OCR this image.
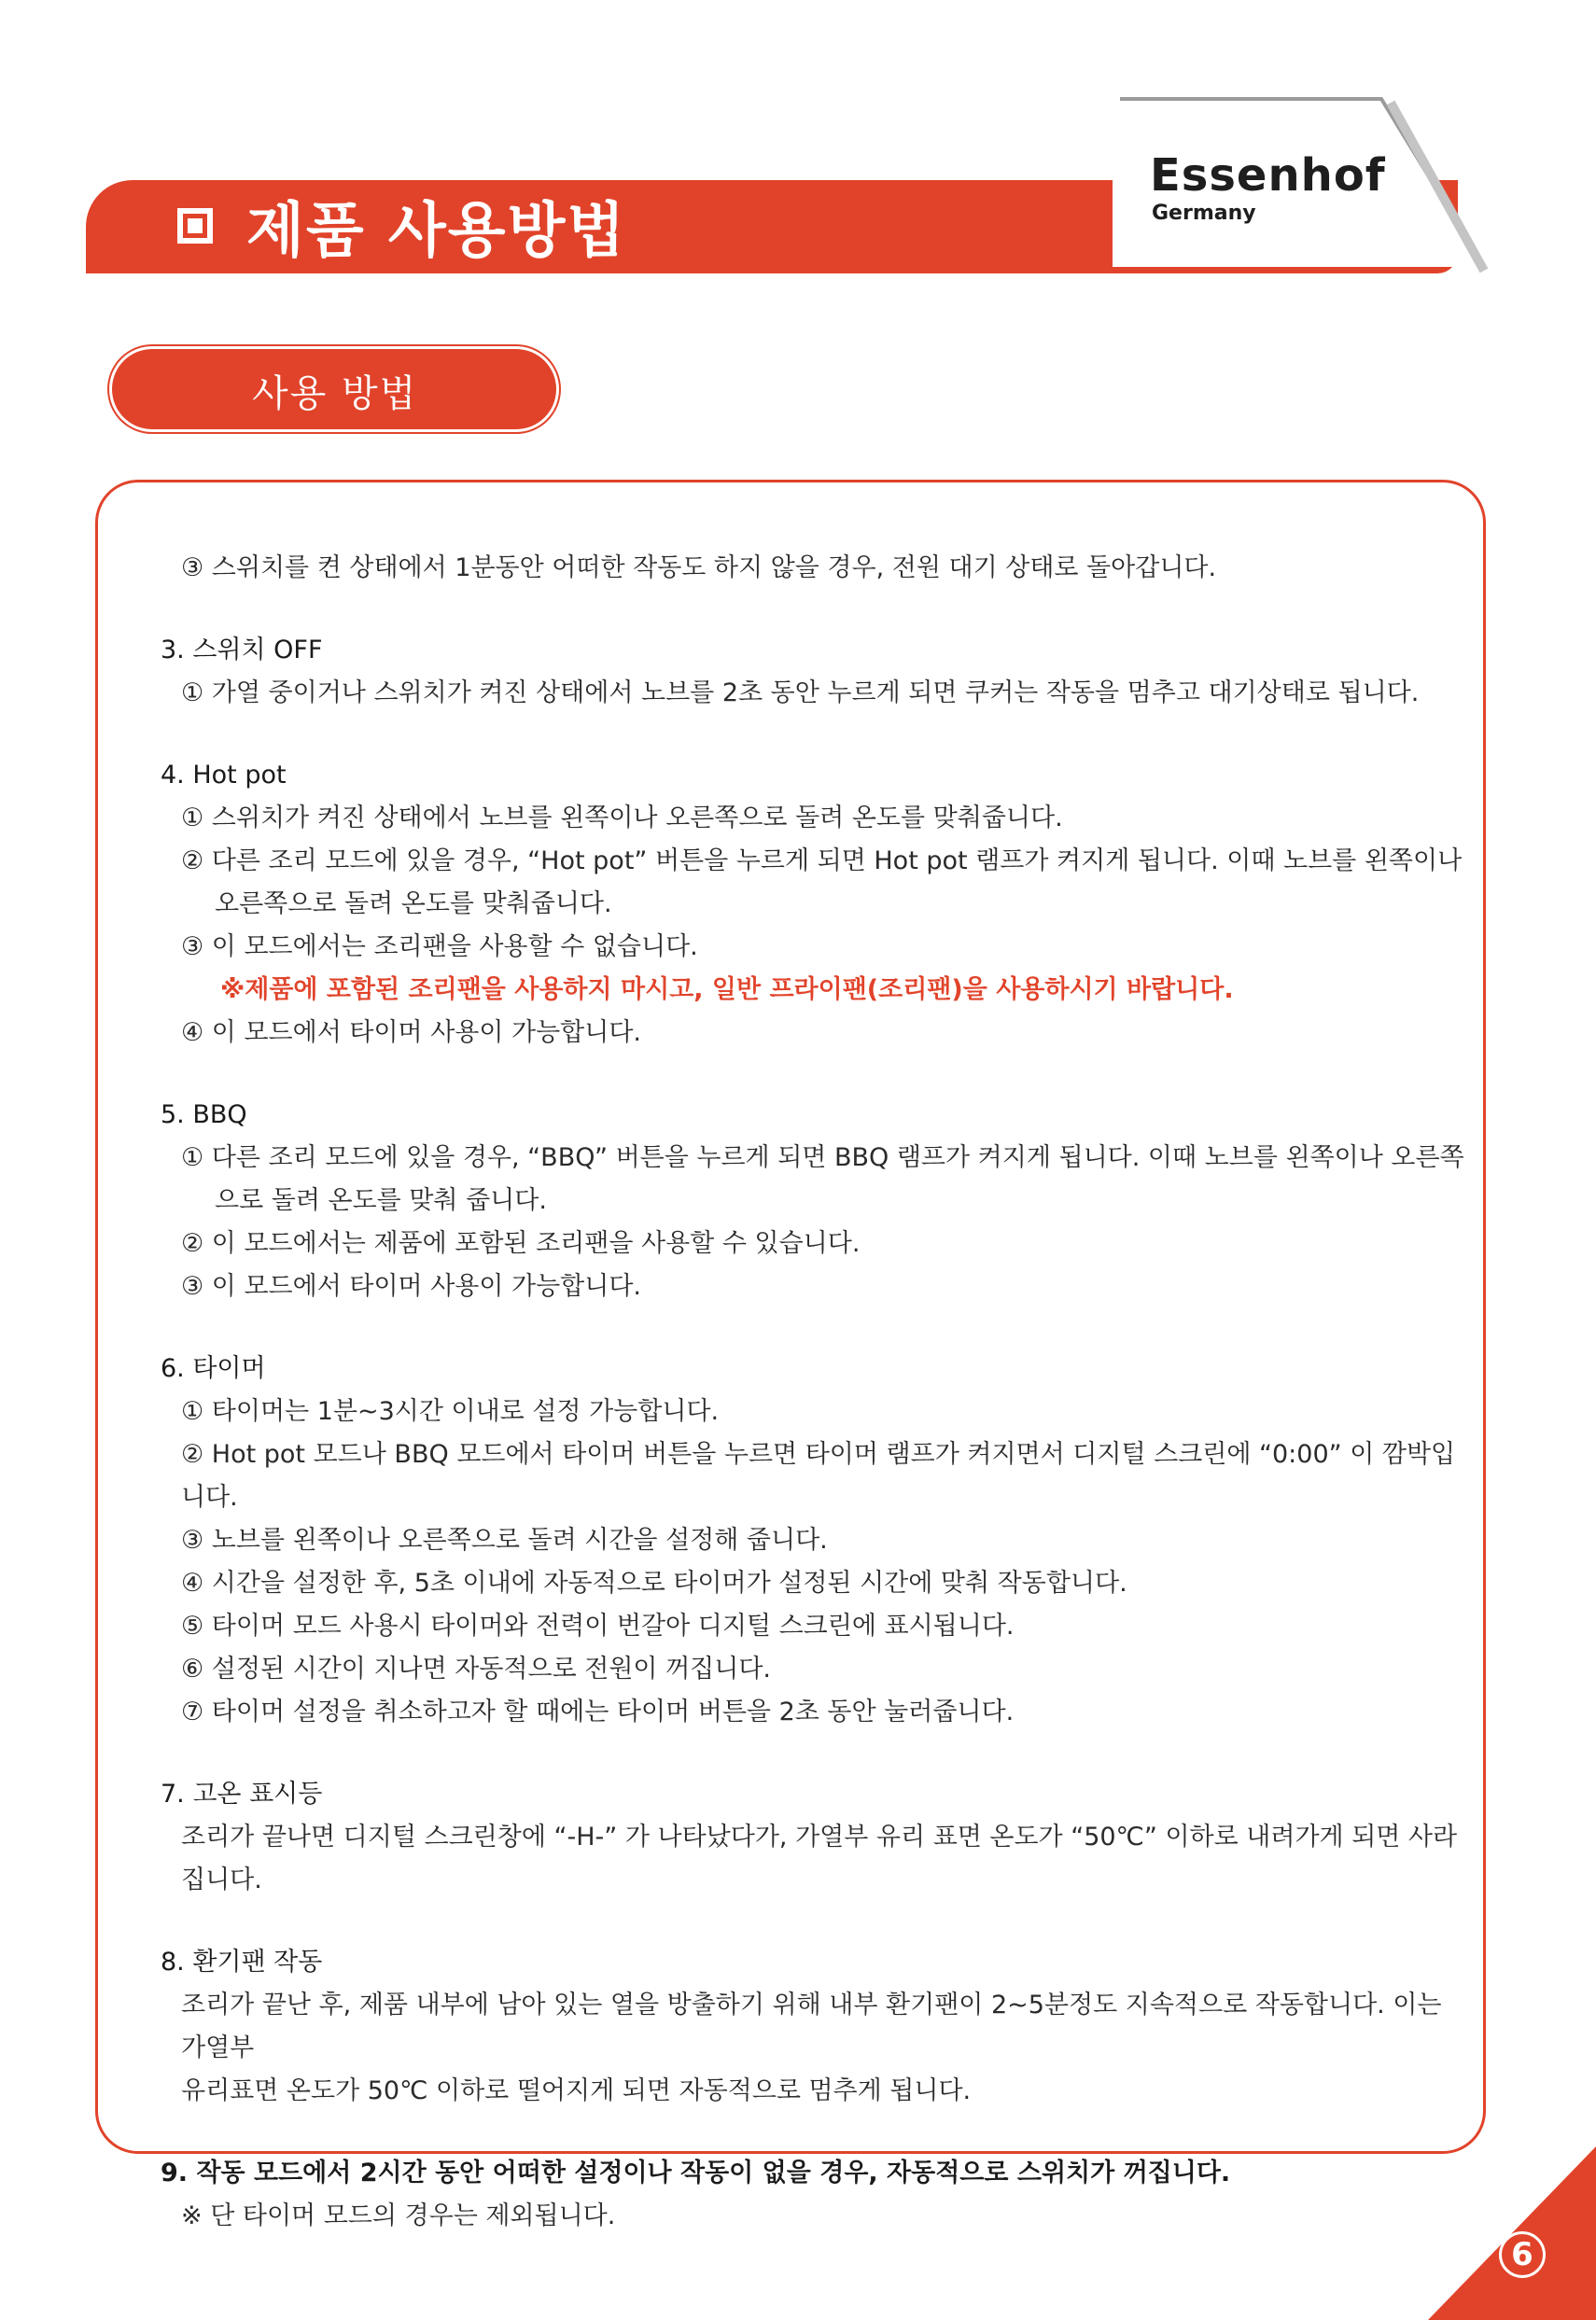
제품 사용방법
Essenhof
Germany
사용 방법

③ 스위치를 켠 상태에서 1분동안 어떠한 작동도 하지 않을 경우, 전원 대기 상태로 돌아갑니다.

3. 스위치 OFF

① 가열 중이거나 스위치가 켜진 상태에서 노브를 2초 동안 누르게 되면 쿠커는 작동을 멈추고 대기상태로 됩니다.

4. Hot pot

① 스위치가 켜진 상태에서 노브를 왼쪽이나 오른쪽으로 돌려 온도를 맞춰줍니다.

② 다른 조리 모드에 있을 경우, “Hot pot” 버튼을 누르게 되면 Hot pot 램프가 켜지게 됩니다. 이때 노브를 왼쪽이나

오른쪽으로 돌려 온도를 맞춰줍니다.

③ 이 모드에서는 조리팬을 사용할 수 없습니다.

※제품에 포함된 조리팬을 사용하지 마시고, 일반 프라이팬(조리팬)을 사용하시기 바랍니다.

④ 이 모드에서 타이머 사용이 가능합니다.

5. BBQ

① 다른 조리 모드에 있을 경우, “BBQ” 버튼을 누르게 되면 BBQ 램프가 켜지게 됩니다. 이때 노브를 왼쪽이나 오른쪽

으로 돌려 온도를 맞춰 줍니다.

② 이 모드에서는 제품에 포함된 조리팬을 사용할 수 있습니다.

③ 이 모드에서 타이머 사용이 가능합니다.

6. 타이머

① 타이머는 1분~3시간 이내로 설정 가능합니다.

② Hot pot 모드나 BBQ 모드에서 타이머 버튼을 누르면 타이머 램프가 켜지면서 디지털 스크린에 “0:00” 이 깜박입니다.

③ 노브를 왼쪽이나 오른쪽으로 돌려 시간을 설정해 줍니다.

④ 시간을 설정한 후, 5초 이내에 자동적으로 타이머가 설정된 시간에 맞춰 작동합니다.

⑤ 타이머 모드 사용시 타이머와 전력이 번갈아 디지털 스크린에 표시됩니다.

⑥ 설정된 시간이 지나면 자동적으로 전원이 꺼집니다.

⑦ 타이머 설정을 취소하고자 할 때에는 타이머 버튼을 2초 동안 눌러줍니다.

7. 고온 표시등

조리가 끝나면 디지털 스크린창에 “-H-” 가 나타났다가, 가열부 유리 표면 온도가 “50℃” 이하로 내려가게 되면 사라집니다.

8. 환기팬 작동

조리가 끝난 후, 제품 내부에 남아 있는 열을 방출하기 위해 내부 환기팬이 2~5분정도 지속적으로 작동합니다. 이는 가열부

유리표면 온도가 50℃ 이하로 떨어지게 되면 자동적으로 멈추게 됩니다.

9. 작동 모드에서 2시간 동안 어떠한 설정이나 작동이 없을 경우, 자동적으로 스위치가 꺼집니다.

※ 단 타이머 모드의 경우는 제외됩니다.

6
